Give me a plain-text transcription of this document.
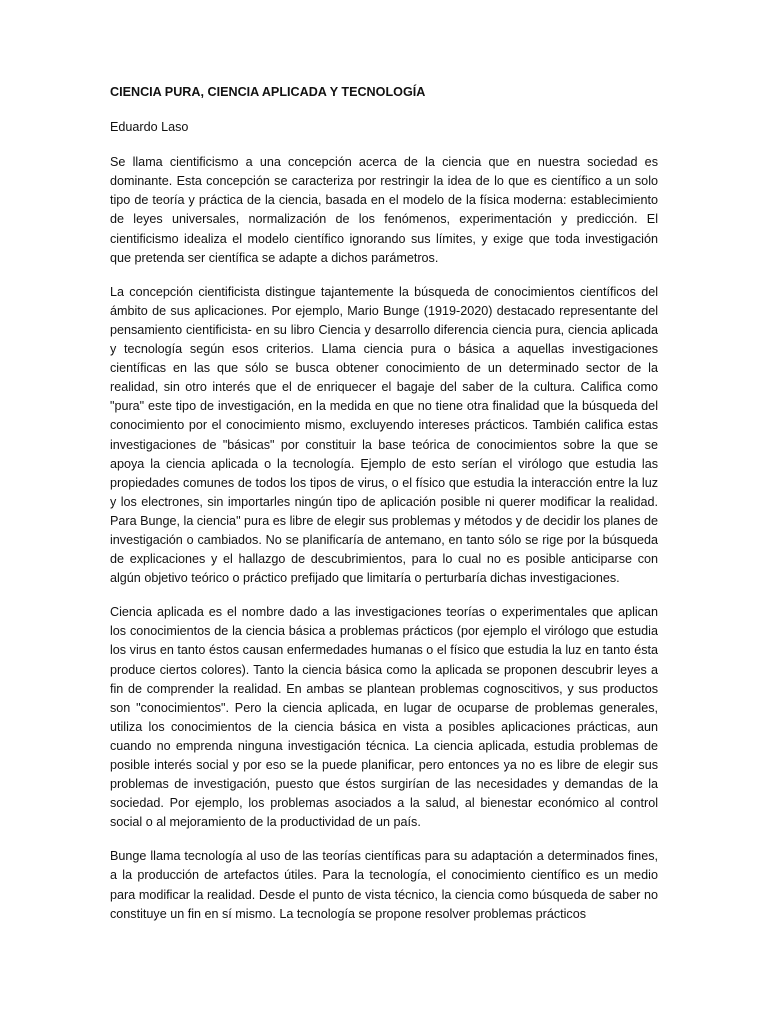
CIENCIA PURA, CIENCIA APLICADA Y TECNOLOGÍA
Eduardo Laso

Se llama cientificismo a una concepción acerca de la ciencia que en nuestra sociedad es dominante. Esta concepción se caracteriza por restringir la idea de lo que es científico a un solo tipo de teoría y práctica de la ciencia, basada en el modelo de la física moderna: establecimiento de leyes universales, normalización de los fenómenos, experimentación y predicción. El cientificismo idealiza el modelo científico ignorando sus límites, y exige que toda investigación que pretenda ser científica se adapte a dichos parámetros.

La concepción cientificista distingue tajantemente la búsqueda de conocimientos científicos del ámbito de sus aplicaciones. Por ejemplo, Mario Bunge (1919-2020) destacado representante del pensamiento cientificista- en su libro Ciencia y desarrollo diferencia ciencia pura, ciencia aplicada y tecnología según esos criterios. Llama ciencia pura o básica a aquellas investigaciones científicas en las que sólo se busca obtener conocimiento de un determinado sector de la realidad, sin otro interés que el de enriquecer el bagaje del saber de la cultura. Califica como "pura" este tipo de investigación, en la medida en que no tiene otra finalidad que la búsqueda del conocimiento por el conocimiento mismo, excluyendo intereses prácticos. También califica estas investigaciones de "básicas" por constituir la base teórica de conocimientos sobre la que se apoya la ciencia aplicada o la tecnología. Ejemplo de esto serían el virólogo que estudia las propiedades comunes de todos los tipos de virus, o el físico que estudia la interacción entre la luz y los electrones, sin importarles ningún tipo de aplicación posible ni querer modificar la realidad. Para Bunge, la ciencia" pura es libre de elegir sus problemas y métodos y de decidir los planes de investigación o cambiados. No se planificaría de antemano, en tanto sólo se rige por la búsqueda de explicaciones y el hallazgo de descubrimientos, para lo cual no es posible anticiparse con algún objetivo teórico o práctico prefijado que limitaría o perturbaría dichas investigaciones.

Ciencia aplicada es el nombre dado a las investigaciones teorías o experimentales que aplican los conocimientos de la ciencia básica a problemas prácticos (por ejemplo el virólogo que estudia los virus en tanto éstos causan enfermedades humanas o el físico que estudia la luz en tanto ésta produce ciertos colores). Tanto la ciencia básica como la aplicada se proponen descubrir leyes a fin de comprender la realidad. En ambas se plantean problemas cognoscitivos, y sus productos son "conocimientos". Pero la ciencia aplicada, en lugar de ocuparse de problemas generales, utiliza los conocimientos de la ciencia básica en vista a posibles aplicaciones prácticas, aun cuando no emprenda ninguna investigación técnica. La ciencia aplicada, estudia problemas de posible interés social y por eso se la puede planificar, pero entonces ya no es libre de elegir sus problemas de investigación, puesto que éstos surgirían de las necesidades y demandas de la sociedad. Por ejemplo, los problemas asociados a la salud, al bienestar económico al control social o al mejoramiento de la productividad de un país.

Bunge llama tecnología al uso de las teorías científicas para su adaptación a determinados fines, a la producción de artefactos útiles. Para la tecnología, el conocimiento científico es un medio para modificar la realidad. Desde el punto de vista técnico, la ciencia como búsqueda de saber no constituye un fin en sí mismo. La tecnología se propone resolver problemas prácticos
